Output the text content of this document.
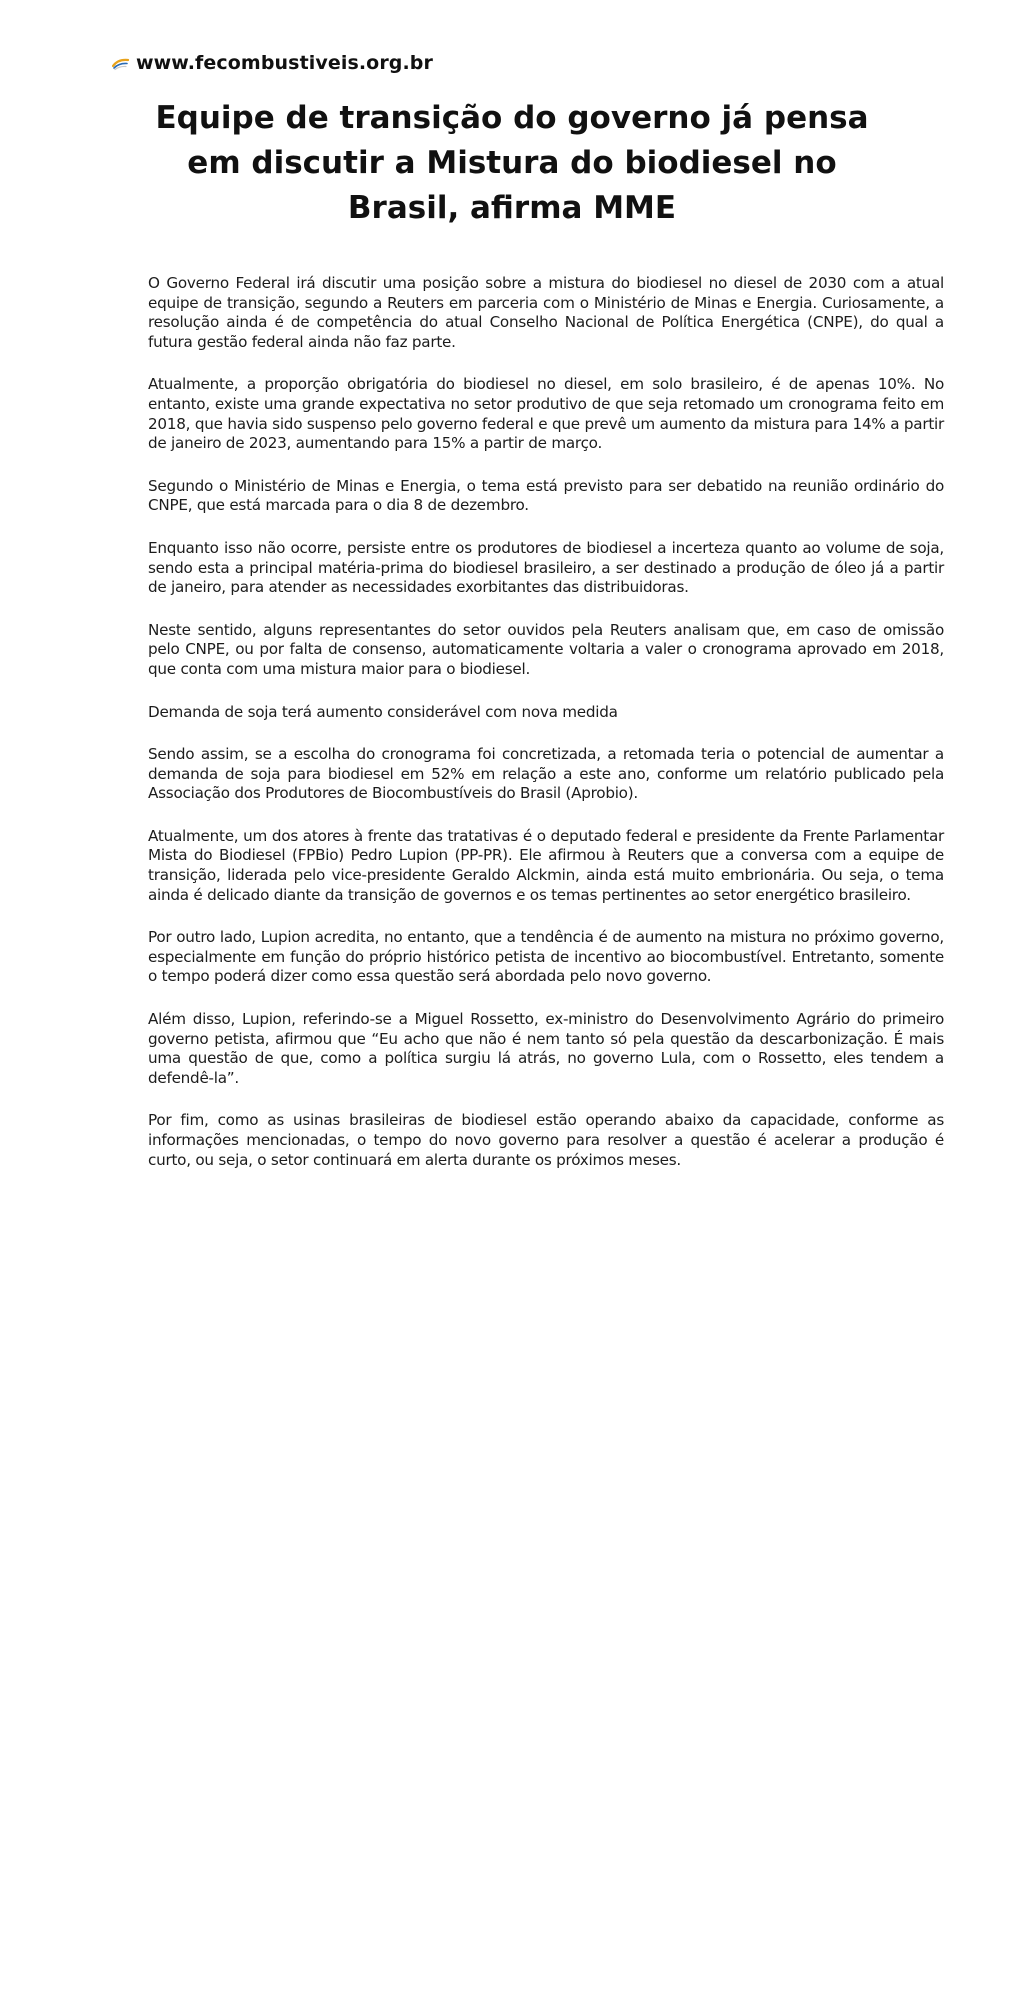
www.fecombustiveis.org.br
Equipe de transição do governo já pensa em discutir a Mistura do biodiesel no Brasil, afirma MME

O Governo Federal irá discutir uma posição sobre a mistura do biodiesel no diesel de 2030 com a atual equipe de transição, segundo a Reuters em parceria com o Ministério de Minas e Energia. Curiosamente, a resolução ainda é de competência do atual Conselho Nacional de Política Energética (CNPE), do qual a futura gestão federal ainda não faz parte.

Atualmente, a proporção obrigatória do biodiesel no diesel, em solo brasileiro, é de apenas 10%. No entanto, existe uma grande expectativa no setor produtivo de que seja retomado um cronograma feito em 2018, que havia sido suspenso pelo governo federal e que prevê um aumento da mistura para 14% a partir de janeiro de 2023, aumentando para 15% a partir de março.

Segundo o Ministério de Minas e Energia, o tema está previsto para ser debatido na reunião ordinário do CNPE, que está marcada para o dia 8 de dezembro.

Enquanto isso não ocorre, persiste entre os produtores de biodiesel a incerteza quanto ao volume de soja, sendo esta a principal matéria-prima do biodiesel brasileiro, a ser destinado a produção de óleo já a partir de janeiro, para atender as necessidades exorbitantes das distribuidoras.

Neste sentido, alguns representantes do setor ouvidos pela Reuters analisam que, em caso de omissão pelo CNPE, ou por falta de consenso, automaticamente voltaria a valer o cronograma aprovado em 2018, que conta com uma mistura maior para o biodiesel.

Demanda de soja terá aumento considerável com nova medida

Sendo assim, se a escolha do cronograma foi concretizada, a retomada teria o potencial de aumentar a demanda de soja para biodiesel em 52% em relação a este ano, conforme um relatório publicado pela Associação dos Produtores de Biocombustíveis do Brasil (Aprobio).

Atualmente, um dos atores à frente das tratativas é o deputado federal e presidente da Frente Parlamentar Mista do Biodiesel (FPBio) Pedro Lupion (PP-PR). Ele afirmou à Reuters que a conversa com a equipe de transição, liderada pelo vice-presidente Geraldo Alckmin, ainda está muito embrionária. Ou seja, o tema ainda é delicado diante da transição de governos e os temas pertinentes ao setor energético brasileiro.

Por outro lado, Lupion acredita, no entanto, que a tendência é de aumento na mistura no próximo governo, especialmente em função do próprio histórico petista de incentivo ao biocombustível. Entretanto, somente o tempo poderá dizer como essa questão será abordada pelo novo governo.

Além disso, Lupion, referindo-se a Miguel Rossetto, ex-ministro do Desenvolvimento Agrário do primeiro governo petista, afirmou que “Eu acho que não é nem tanto só pela questão da descarbonização. É mais uma questão de que, como a política surgiu lá atrás, no governo Lula, com o Rossetto, eles tendem a defendê-la”.

Por fim, como as usinas brasileiras de biodiesel estão operando abaixo da capacidade, conforme as informações mencionadas, o tempo do novo governo para resolver a questão é acelerar a produção é curto, ou seja, o setor continuará em alerta durante os próximos meses.
